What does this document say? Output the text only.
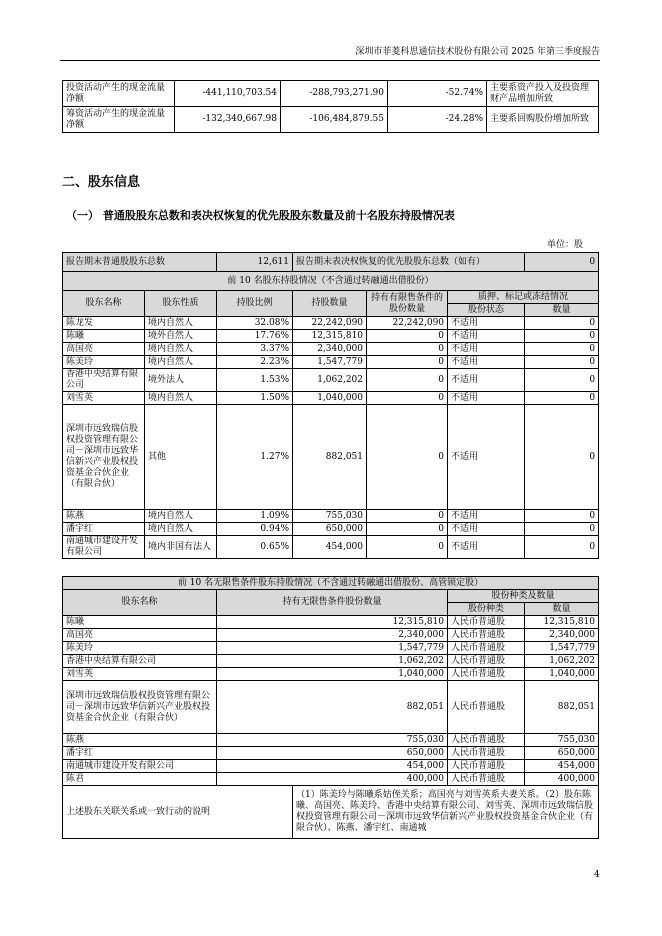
深圳市菲菱科思通信技术股份有限公司 2025 年第三季度报告
投资活动产生的现金流量净额	-441,110,703.54	-288,793,271.90	-52.74%	主要系资产投入及投资理财产品增加所致
筹资活动产生的现金流量净额	-132,340,667.98	-106,484,879.55	-24.28%	主要系回购股份增加所致
二、股东信息
（一） 普通股股东总数和表决权恢复的优先股股东数量及前十名股东持股情况表
单位：股
报告期末普通股股东总数		12,611	报告期末表决权恢复的优先股股东总数（如有）			0
前 10 名股东持股情况（不含通过转融通出借股份）						
股东名称	股东性质	持股比例	持股数量	持有有限售条件的股份数量	质押、标记或冻结情况	
					股份状态	数量
陈龙发	境内自然人	32.08%	22,242,090	22,242,090	不适用	0
陈曦	境外自然人	17.76%	12,315,810	0	不适用	0
高国亮	境内自然人	3.37%	2,340,000	0	不适用	0
陈美玲	境内自然人	2.23%	1,547,779	0	不适用	0
香港中央结算有限公司	境外法人	1.53%	1,062,202	0	不适用	0
刘雪英	境内自然人	1.50%	1,040,000	0	不适用	0
深圳市远致瑞信股权投资管理有限公司－深圳市远致华信新兴产业股权投资基金合伙企业（有限合伙）	其他	1.27%	882,051	0	不适用	0
陈燕	境内自然人	1.09%	755,030	0	不适用	0
潘宇红	境内自然人	0.94%	650,000	0	不适用	0
南通城市建设开发有限公司	境内非国有法人	0.65%	454,000	0	不适用	0
前 10 名无限售条件股东持股情况（不含通过转融通出借股份、高管锁定股）				
股东名称	持有无限售条件股份数量		股份种类及数量	
			股份种类	数量
陈曦	12,315,810		人民币普通股	12,315,810
高国亮	2,340,000		人民币普通股	2,340,000
陈美玲	1,547,779		人民币普通股	1,547,779
香港中央结算有限公司	1,062,202		人民币普通股	1,062,202
刘雪英	1,040,000		人民币普通股	1,040,000
深圳市远致瑞信股权投资管理有限公司－深圳市远致华信新兴产业股权投资基金合伙企业（有限合伙）	882,051		人民币普通股	882,051
陈燕	755,030		人民币普通股	755,030
潘宇红	650,000		人民币普通股	650,000
南通城市建设开发有限公司	454,000		人民币普通股	454,000
陈君	400,000		人民币普通股	400,000
上述股东关联关系或一致行动的说明		（1）陈美玲与陈曦系姑侄关系；高国亮与刘雪英系夫妻关系。（2）股东陈曦、高国亮、陈美玲、香港中央结算有限公司、刘雪英、深圳市远致瑞信股权投资管理有限公司－深圳市远致华信新兴产业股权投资基金合伙企业（有限合伙）、陈燕、潘宇红、南通城		
4
